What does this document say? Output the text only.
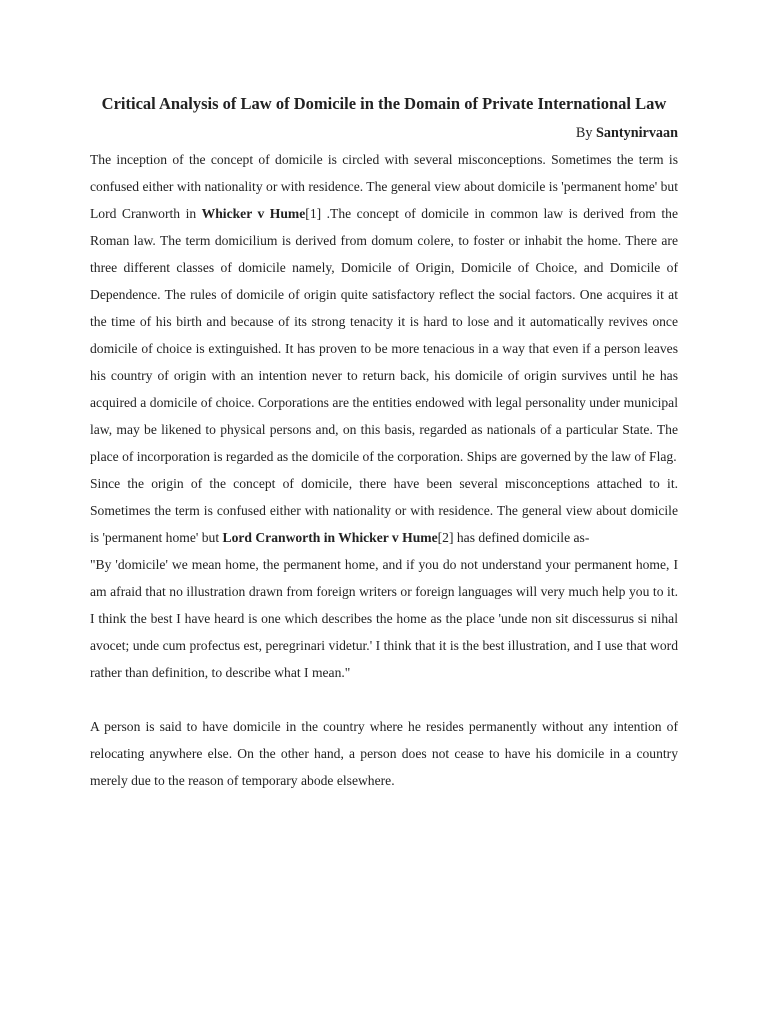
Critical Analysis of Law of Domicile in the Domain of Private International Law

By Santynirvaan

The inception of the concept of domicile is circled with several misconceptions. Sometimes the term is confused either with nationality or with residence. The general view about domicile is 'permanent home' but Lord Cranworth in Whicker v Hume[1] .The concept of domicile in common law is derived from the Roman law. The term domicilium is derived from domum colere, to foster or inhabit the home. There are three different classes of domicile namely, Domicile of Origin, Domicile of Choice, and Domicile of Dependence. The rules of domicile of origin quite satisfactory reflect the social factors. One acquires it at the time of his birth and because of its strong tenacity it is hard to lose and it automatically revives once domicile of choice is extinguished. It has proven to be more tenacious in a way that even if a person leaves his country of origin with an intention never to return back, his domicile of origin survives until he has acquired a domicile of choice. Corporations are the entities endowed with legal personality under municipal law, may be likened to physical persons and, on this basis, regarded as nationals of a particular State. The place of incorporation is regarded as the domicile of the corporation. Ships are governed by the law of Flag.

Since the origin of the concept of domicile, there have been several misconceptions attached to it. Sometimes the term is confused either with nationality or with residence. The general view about domicile is 'permanent home' but Lord Cranworth in Whicker v Hume[2] has defined domicile as-

"By 'domicile' we mean home, the permanent home, and if you do not understand your permanent home, I am afraid that no illustration drawn from foreign writers or foreign languages will very much help you to it. I think the best I have heard is one which describes the home as the place 'unde non sit discessurus si nihal avocet; unde cum profectus est, peregrinari videtur.' I think that it is the best illustration, and I use that word rather than definition, to describe what I mean."

A person is said to have domicile in the country where he resides permanently without any intention of relocating anywhere else. On the other hand, a person does not cease to have his domicile in a country merely due to the reason of temporary abode elsewhere.
